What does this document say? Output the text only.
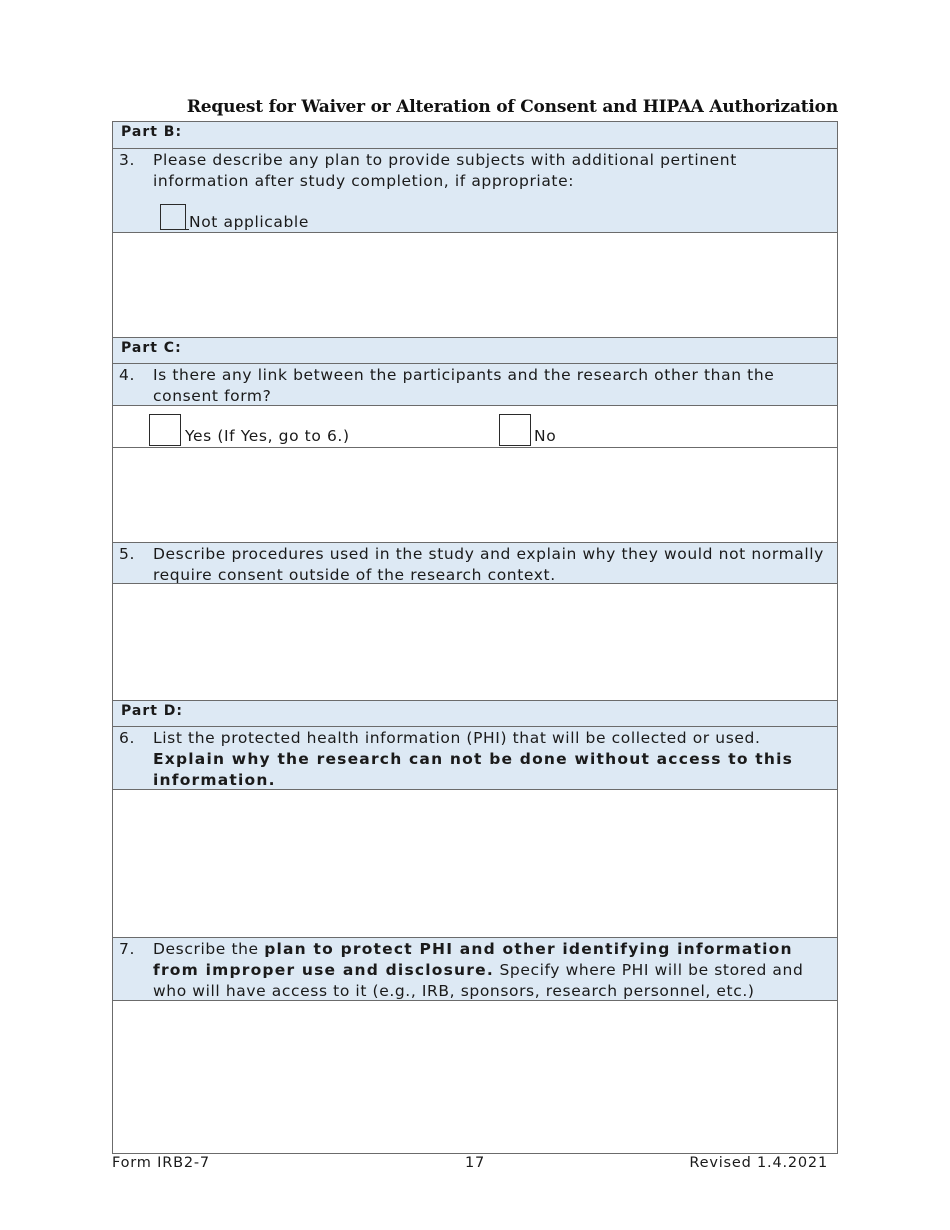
Request for Waiver or Alteration of Consent and HIPAA Authorization
Part B:
3. Please describe any plan to provide subjects with additional pertinent information after study completion, if appropriate:
Not applicable
Part C:
4. Is there any link between the participants and the research other than the consent form?
Yes (If Yes, go to 6.)	No
5. Describe procedures used in the study and explain why they would not normally require consent outside of the research context.
Part D:
6. List the protected health information (PHI) that will be collected or used. Explain why the research can not be done without access to this information.
7. Describe the plan to protect PHI and other identifying information from improper use and disclosure. Specify where PHI will be stored and who will have access to it (e.g., IRB, sponsors, research personnel, etc.)
Form IRB2-7	17	Revised 1.4.2021
